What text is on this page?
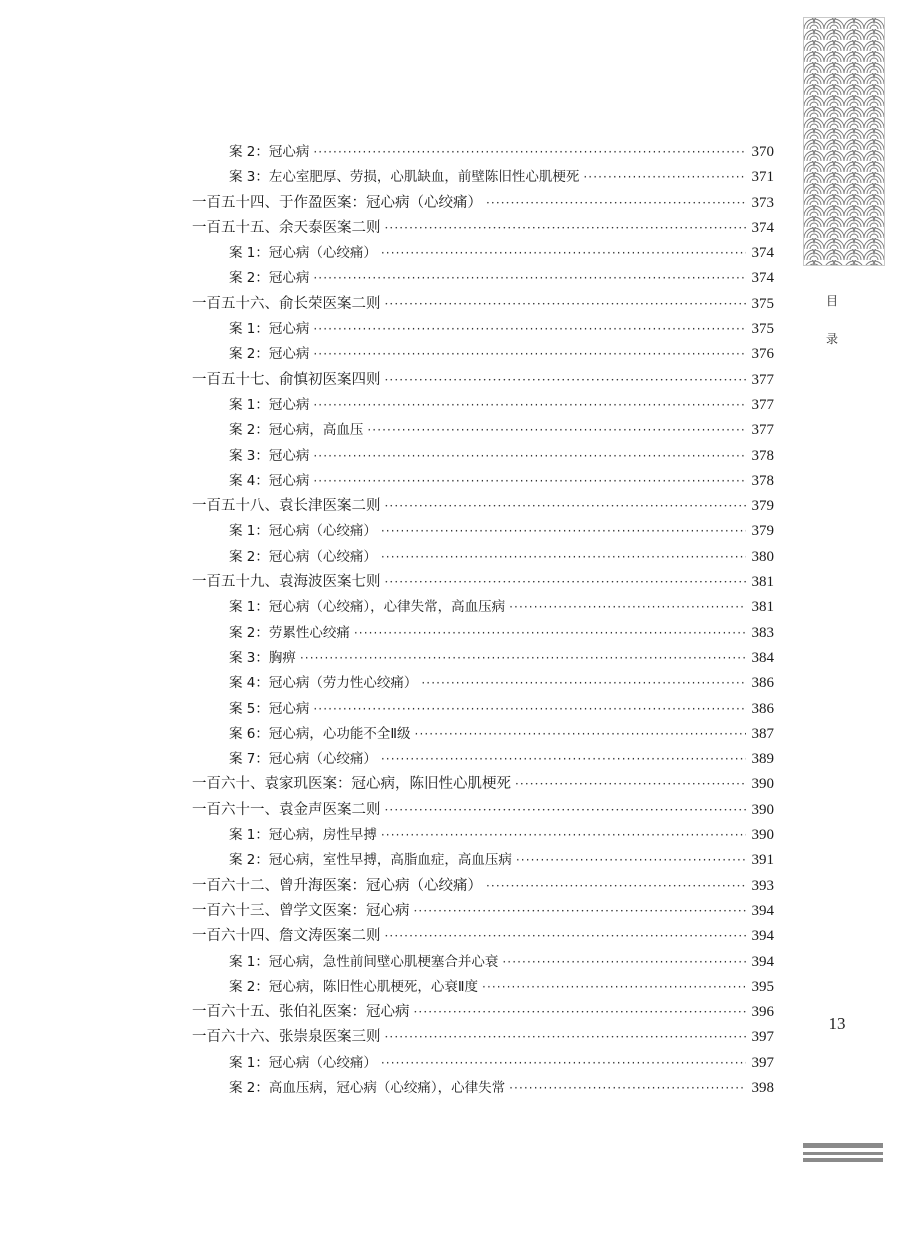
目
录
案 2：冠心病 ·····	370
案 3：左心室肥厚、劳损，心肌缺血，前壁陈旧性心肌梗死 ·····	371
一百五十四、于作盈医案：冠心病（心绞痛） ·····	373
一百五十五、余天泰医案二则 ·····	374
案 1：冠心病（心绞痛） ·····	374
案 2：冠心病 ·····	374
一百五十六、俞长荣医案二则 ·····	375
案 1：冠心病 ·····	375
案 2：冠心病 ·····	376
一百五十七、俞慎初医案四则 ·····	377
案 1：冠心病 ·····	377
案 2：冠心病，高血压 ·····	377
案 3：冠心病 ·····	378
案 4：冠心病 ·····	378
一百五十八、袁长津医案二则 ·····	379
案 1：冠心病（心绞痛） ·····	379
案 2：冠心病（心绞痛） ·····	380
一百五十九、袁海波医案七则 ·····	381
案 1：冠心病（心绞痛），心律失常，高血压病 ·····	381
案 2：劳累性心绞痛 ·····	383
案 3：胸痹 ·····	384
案 4：冠心病（劳力性心绞痛） ·····	386
案 5：冠心病 ·····	386
案 6：冠心病，心功能不全Ⅱ级 ·····	387
案 7：冠心病（心绞痛） ·····	389
一百六十、袁家玑医案：冠心病，陈旧性心肌梗死 ·····	390
一百六十一、袁金声医案二则 ·····	390
案 1：冠心病，房性早搏 ·····	390
案 2：冠心病，室性早搏，高脂血症，高血压病 ·····	391
一百六十二、曾升海医案：冠心病（心绞痛） ·····	393
一百六十三、曾学文医案：冠心病 ·····	394
一百六十四、詹文涛医案二则 ·····	394
案 1：冠心病，急性前间壁心肌梗塞合并心衰 ·····	394
案 2：冠心病，陈旧性心肌梗死，心衰Ⅱ度 ·····	395
一百六十五、张伯礼医案：冠心病 ·····	396
一百六十六、张崇泉医案三则 ·····	397
案 1：冠心病（心绞痛） ·····	397
案 2：高血压病，冠心病（心绞痛），心律失常 ·····	398
13
